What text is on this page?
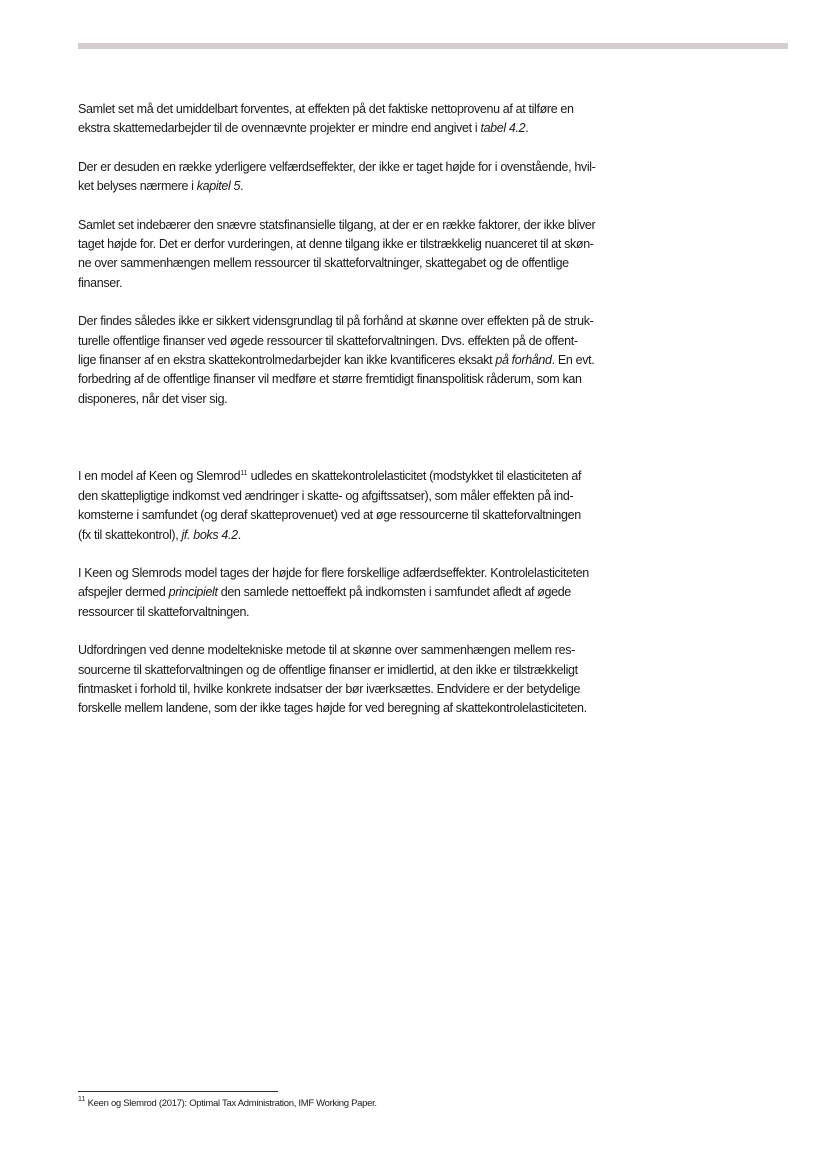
Samlet set må det umiddelbart forventes, at effekten på det faktiske nettoprovenu af at tilføre en
ekstra skattemedarbejder til de ovennævnte projekter er mindre end angivet i tabel 4.2.
Der er desuden en række yderligere velfærdseffekter, der ikke er taget højde for i ovenstående, hvil-
ket belyses nærmere i kapitel 5.
Samlet set indebærer den snævre statsfinansielle tilgang, at der er en række faktorer, der ikke bliver
taget højde for. Det er derfor vurderingen, at denne tilgang ikke er tilstrækkelig nuanceret til at skøn-
ne over sammenhængen mellem ressourcer til skatteforvaltninger, skattegabet og de offentlige
finanser.
Der findes således ikke er sikkert vidensgrundlag til på forhånd at skønne over effekten på de struk-
turelle offentlige finanser ved øgede ressourcer til skatteforvaltningen. Dvs. effekten på de offent-
lige finanser af en ekstra skattekontrolmedarbejder kan ikke kvantificeres eksakt på forhånd. En evt.
forbedring af de offentlige finanser vil medføre et større fremtidigt finanspolitisk råderum, som kan
disponeres, når det viser sig.
I en model af Keen og Slemrod$^{11}$ udledes en skattekontrolelasticitet (modstykket til elasticiteten af
den skattepligtige indkomst ved ændringer i skatte- og afgiftssatser), som måler effekten på ind-
komsterne i samfundet (og deraf skatteprovenuet) ved at øge ressourcerne til skatteforvaltningen
(fx til skattekontrol), jf. boks 4.2.
I Keen og Slemrods model tages der højde for flere forskellige adfærdseffekter. Kontrolelasticiteten
afspejler dermed principielt den samlede nettoeffekt på indkomsten i samfundet afledt af øgede
ressourcer til skatteforvaltningen.
Udfordringen ved denne modeltekniske metode til at skønne over sammenhængen mellem res-
sourcerne til skatteforvaltningen og de offentlige finanser er imidlertid, at den ikke er tilstrækkeligt
fintmasket i forhold til, hvilke konkrete indsatser der bør iværksættes. Endvidere er der betydelige
forskelle mellem landene, som der ikke tages højde for ved beregning af skattekontrolelasticiteten.
$^{11}$ Keen og Slemrod (2017): Optimal Tax Administration, IMF Working Paper.
